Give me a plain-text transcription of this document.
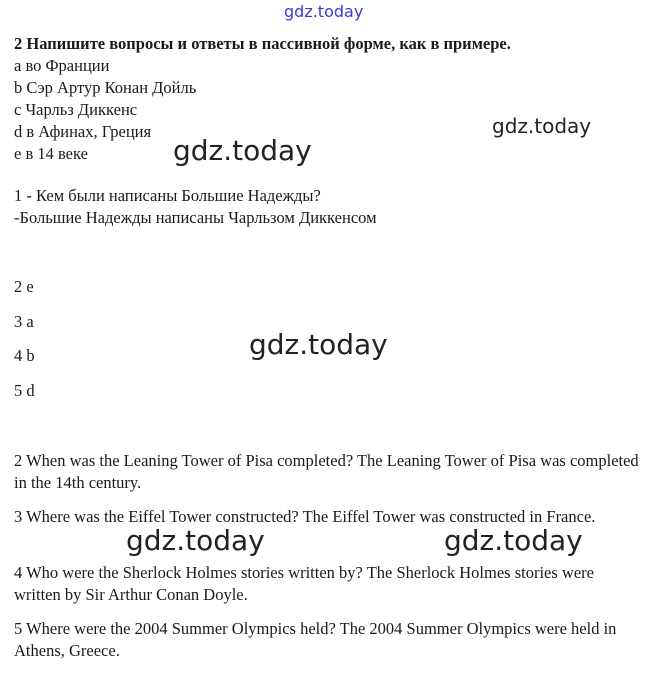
gdz.today
gdz.today
gdz.today
gdz.today
gdz.today	gdz.today
2 Напишите вопросы и ответы в пассивной форме, как в примере.
a во Франции
b Сэр Артур Конан Дойль
c Чарльз Диккенс
d в Афинах, Греция
e в 14 веке
1 - Кем были написаны Большие Надежды?
-Большие Надежды написаны Чарльзом Диккенсом
2 e
3 a
4 b
5 d
2 When was the Leaning Tower of Pisa completed? The Leaning Tower of Pisa was completed in the 14th century.
3 Where was the Eiffel Tower constructed? The Eiffel Tower was constructed in France.
4 Who were the Sherlock Holmes stories written by? The Sherlock Holmes stories were written by Sir Arthur Conan Doyle.
5 Where were the 2004 Summer Olympics held? The 2004 Summer Olympics were held in Athens, Greece.
